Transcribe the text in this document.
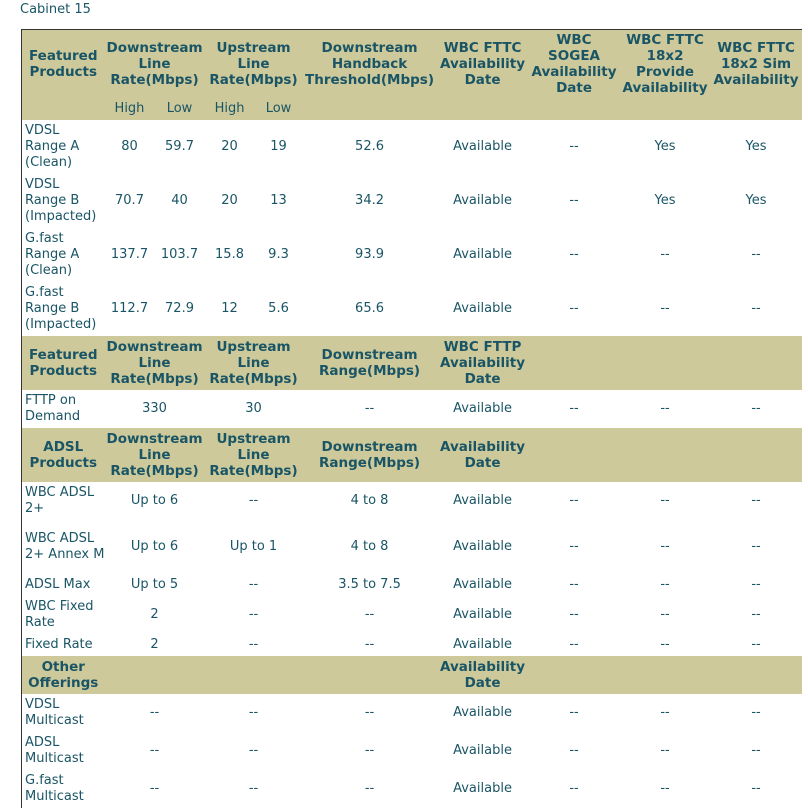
Cabinet 15
Featured Products	Downstream Line Rate(Mbps)		Upstream Line Rate(Mbps)		Downstream Handback Threshold(Mbps)	WBC FTTC Availability Date	WBC SOGEA Availability Date	WBC FTTC 18x2 Provide Availability	WBC FTTC 18x2 Sim Availability
	High	Low	High	Low					
VDSL Range A (Clean)	80	59.7	20	19	52.6	Available	--	Yes	Yes
VDSL Range B (Impacted)	70.7	40	20	13	34.2	Available	--	Yes	Yes
G.fast Range A (Clean)	137.7	103.7	15.8	9.3	93.9	Available	--	--	--
G.fast Range B (Impacted)	112.7	72.9	12	5.6	65.6	Available	--	--	--
Featured Products	Downstream Line Rate(Mbps)		Upstream Line Rate(Mbps)		Downstream Range(Mbps)	WBC FTTP Availability Date			
FTTP on Demand	330		30		--	Available	--	--	--
ADSL Products	Downstream Line Rate(Mbps)		Upstream Line Rate(Mbps)		Downstream Range(Mbps)	Availability Date			
WBC ADSL 2+	Up to 6		--		4 to 8	Available	--	--	--
WBC ADSL 2+ Annex M	Up to 6		Up to 1		4 to 8	Available	--	--	--
ADSL Max	Up to 5		--		3.5 to 7.5	Available	--	--	--
WBC Fixed Rate	2		--		--	Available	--	--	--
Fixed Rate	2		--		--	Available	--	--	--
Other Offerings						Availability Date			
VDSL Multicast	--		--		--	Available	--	--	--
ADSL Multicast	--		--		--	Available	--	--	--
G.fast Multicast	--		--		--	Available	--	--	--
